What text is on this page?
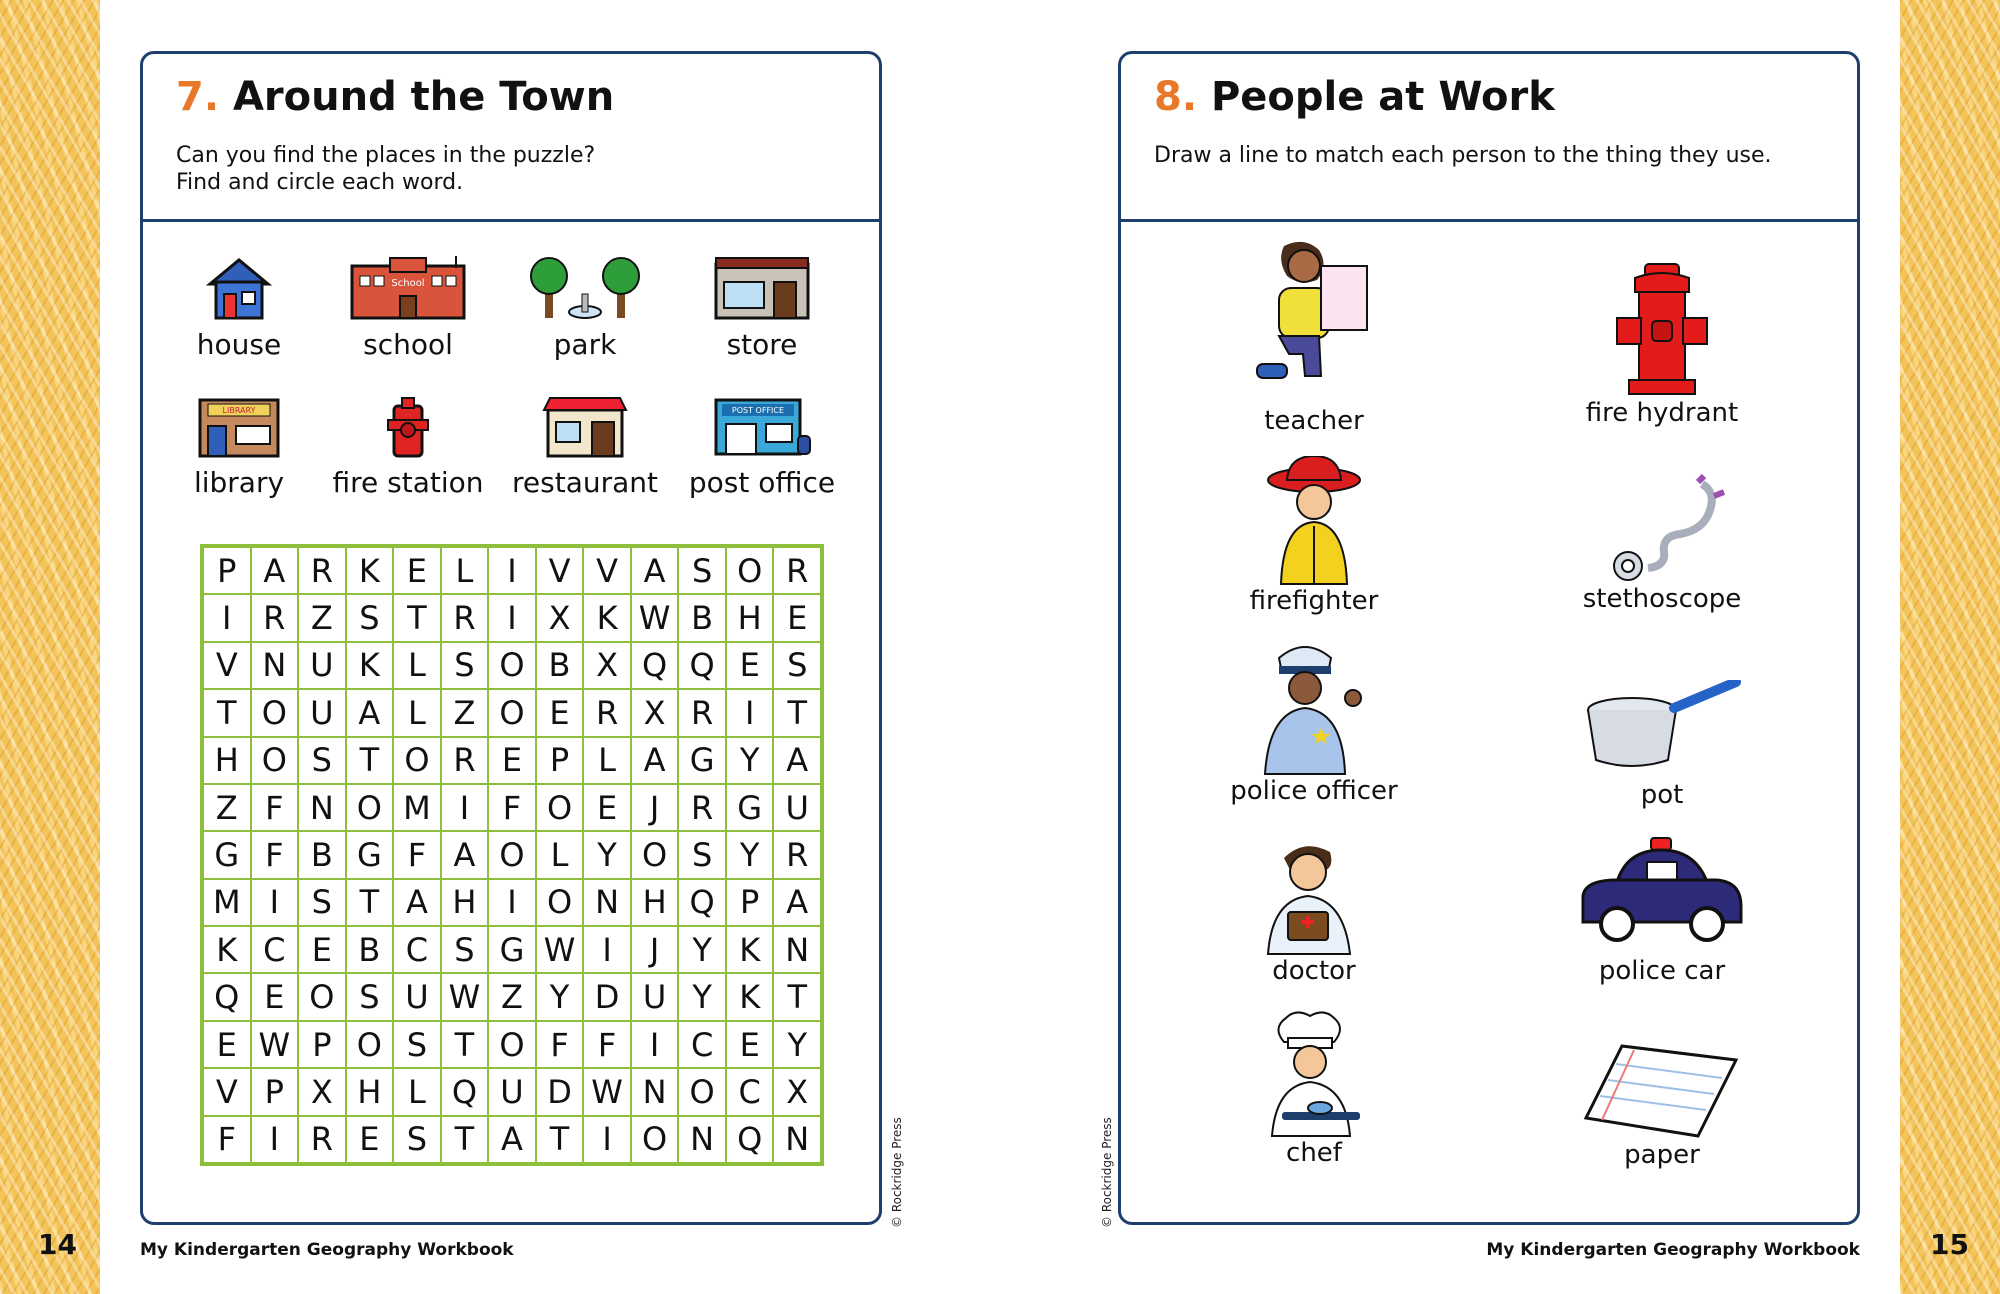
7. Around the Town
Can you find the places in the puzzle?
Find and circle each word.
house
School
school	park	store
LIBRARY
library	fire station	restaurant
POST OFFICE
post office
P A R K E L	I V V A S O R
I R Z S T R I X K W B H E
V N U K L S O B X Q Q E S
T O U A L Z O E R X R I	T
H O S T O R E P L A G Y A
Z F N O M I	F O E	J R G U
G F B G F A O L Y O S Y R
M I	S T A H I O N H Q P A
K C E B C S G W I	J	Y K N
Q E O S U W Z Y D U Y K T
E W P O S T O F F	I C E Y
V P X H L Q U D W N O C X
F	I R E S T A T	I O N Q N	© Rockridge Press
My Kindergarten Geography Workbook
14
8. People at Work
Draw a line to match each person to the thing they use.
teacher
firefighter
police officer
doctor
chef
fire hydrant
stethoscope
pot
police car
paper
© Rockridge Press
My Kindergarten Geography Workbook	15
